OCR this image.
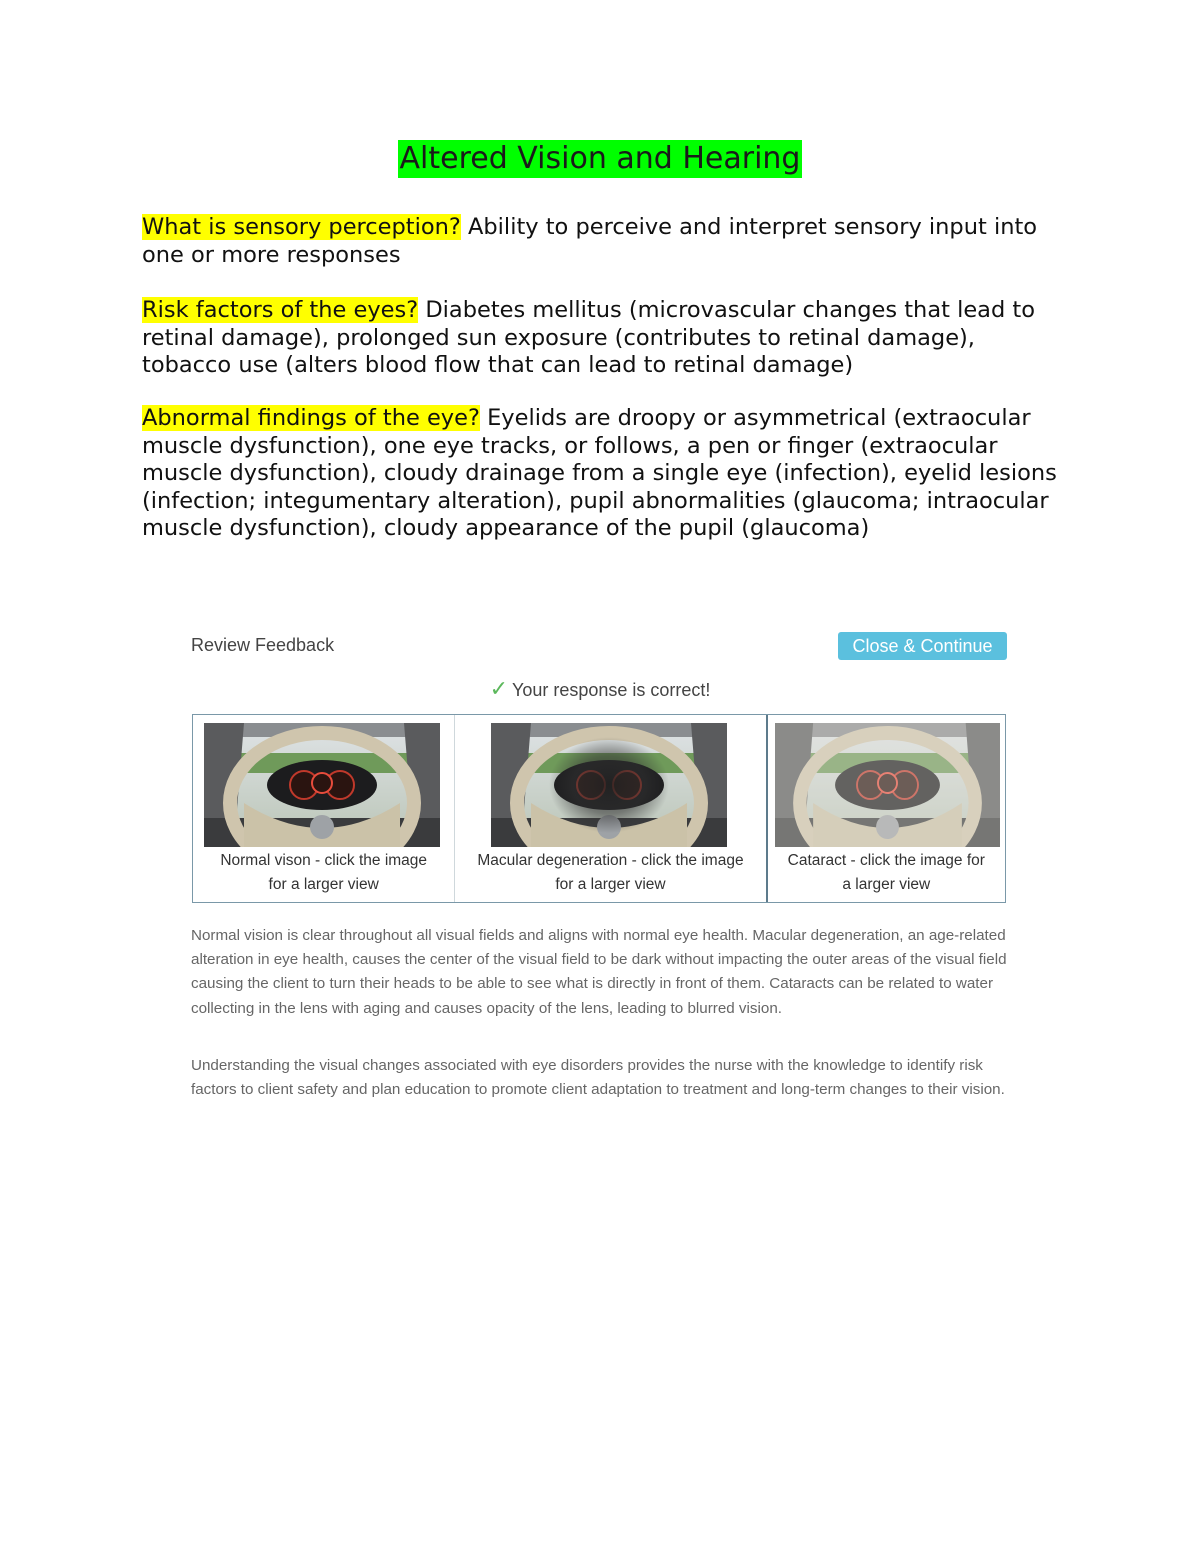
Altered Vision and Hearing
What is sensory perception? Ability to perceive and interpret sensory input into one or more responses
Risk factors of the eyes? Diabetes mellitus (microvascular changes that lead to retinal damage), prolonged sun exposure (contributes to retinal damage), tobacco use (alters blood flow that can lead to retinal damage)
Abnormal findings of the eye? Eyelids are droopy or asymmetrical (extraocular muscle dysfunction), one eye tracks, or follows, a pen or finger (extraocular muscle dysfunction), cloudy drainage from a single eye (infection), eyelid lesions (infection; integumentary alteration), pupil abnormalities (glaucoma; intraocular muscle dysfunction), cloudy appearance of the pupil (glaucoma)
Review Feedback	Close & Continue
✓ Your response is correct!
Normal vison - click the image
for a larger view
Macular degeneration - click the image
for a larger view
Cataract - click the image for
a larger view
Normal vision is clear throughout all visual fields and aligns with normal eye health. Macular degeneration, an age-related alteration in eye health, causes the center of the visual field to be dark without impacting the outer areas of the visual field causing the client to turn their heads to be able to see what is directly in front of them. Cataracts can be related to water collecting in the lens with aging and causes opacity of the lens, leading to blurred vision.
Understanding the visual changes associated with eye disorders provides the nurse with the knowledge to identify risk factors to client safety and plan education to promote client adaptation to treatment and long-term changes to their vision.
